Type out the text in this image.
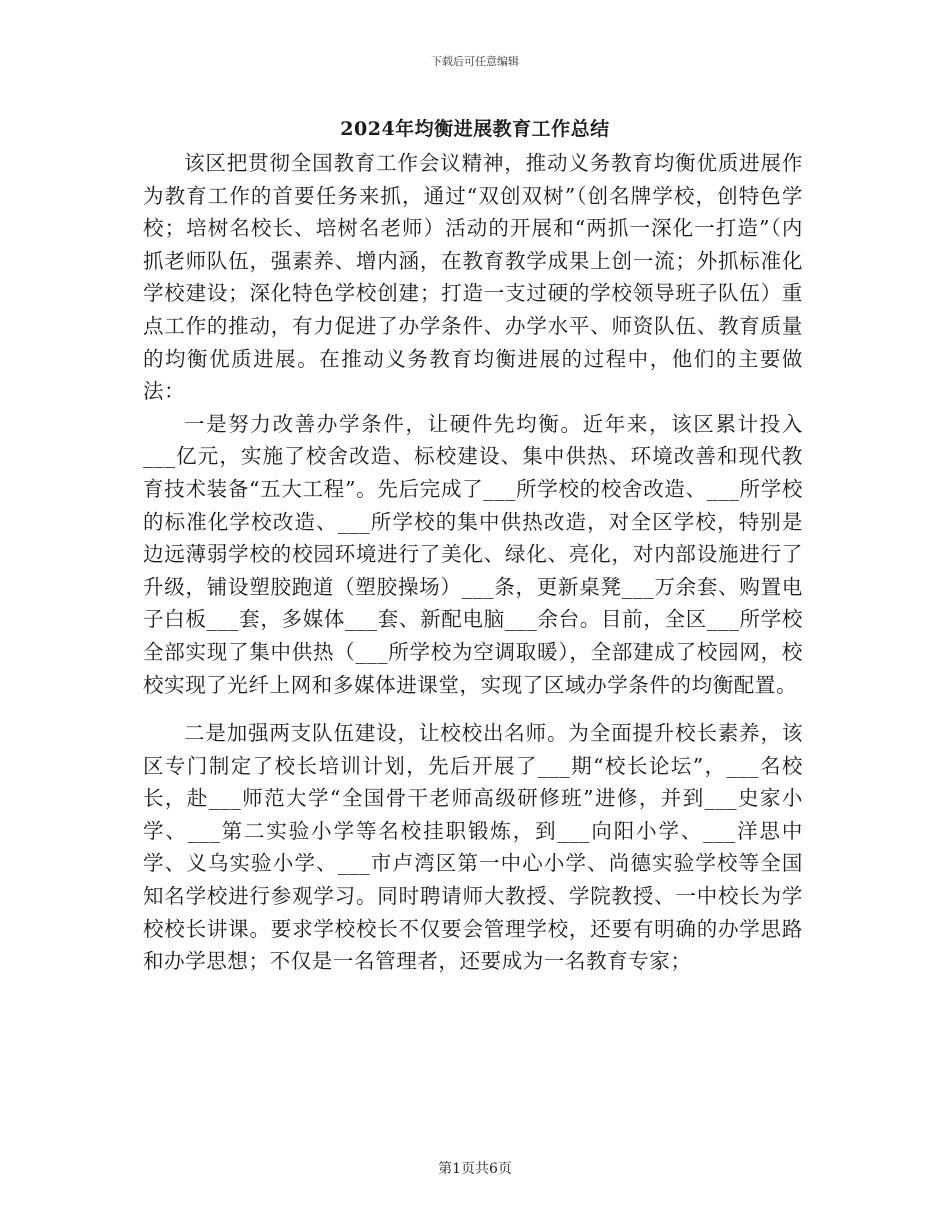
下载后可任意编辑
2024年均衡进展教育工作总结

该区把贯彻全国教育工作会议精神，推动义务教育均衡优质进展作为教育工作的首要任务来抓，通过“双创双树”（创名牌学校，创特色学校；培树名校长、培树名老师）活动的开展和“两抓一深化一打造”（内抓老师队伍，强素养、增内涵，在教育教学成果上创一流；外抓标准化学校建设；深化特色学校创建；打造一支过硬的学校领导班子队伍）重点工作的推动，有力促进了办学条件、办学水平、师资队伍、教育质量的均衡优质进展。在推动义务教育均衡进展的过程中，他们的主要做法：

一是努力改善办学条件，让硬件先均衡。近年来，该区累计投入___亿元，实施了校舍改造、标校建设、集中供热、环境改善和现代教育技术装备“五大工程”。先后完成了___所学校的校舍改造、___所学校的标准化学校改造、___所学校的集中供热改造，对全区学校，特别是边远薄弱学校的校园环境进行了美化、绿化、亮化，对内部设施进行了升级，铺设塑胶跑道（塑胶操场）___条，更新桌凳___万余套、购置电子白板___套，多媒体___套、新配电脑___余台。目前，全区___所学校全部实现了集中供热（___所学校为空调取暖），全部建成了校园网，校校实现了光纤上网和多媒体进课堂，实现了区域办学条件的均衡配置。

二是加强两支队伍建设，让校校出名师。为全面提升校长素养，该区专门制定了校长培训计划，先后开展了___期“校长论坛”，___名校长，赴___师范大学“全国骨干老师高级研修班”进修，并到___史家小学、___第二实验小学等名校挂职锻炼，到___向阳小学、___洋思中学、义乌实验小学、___市卢湾区第一中心小学、尚德实验学校等全国知名学校进行参观学习。同时聘请师大教授、学院教授、一中校长为学校校长讲课。要求学校校长不仅要会管理学校，还要有明确的办学思路和办学思想；不仅是一名管理者，还要成为一名教育专家；

第1页共6页
